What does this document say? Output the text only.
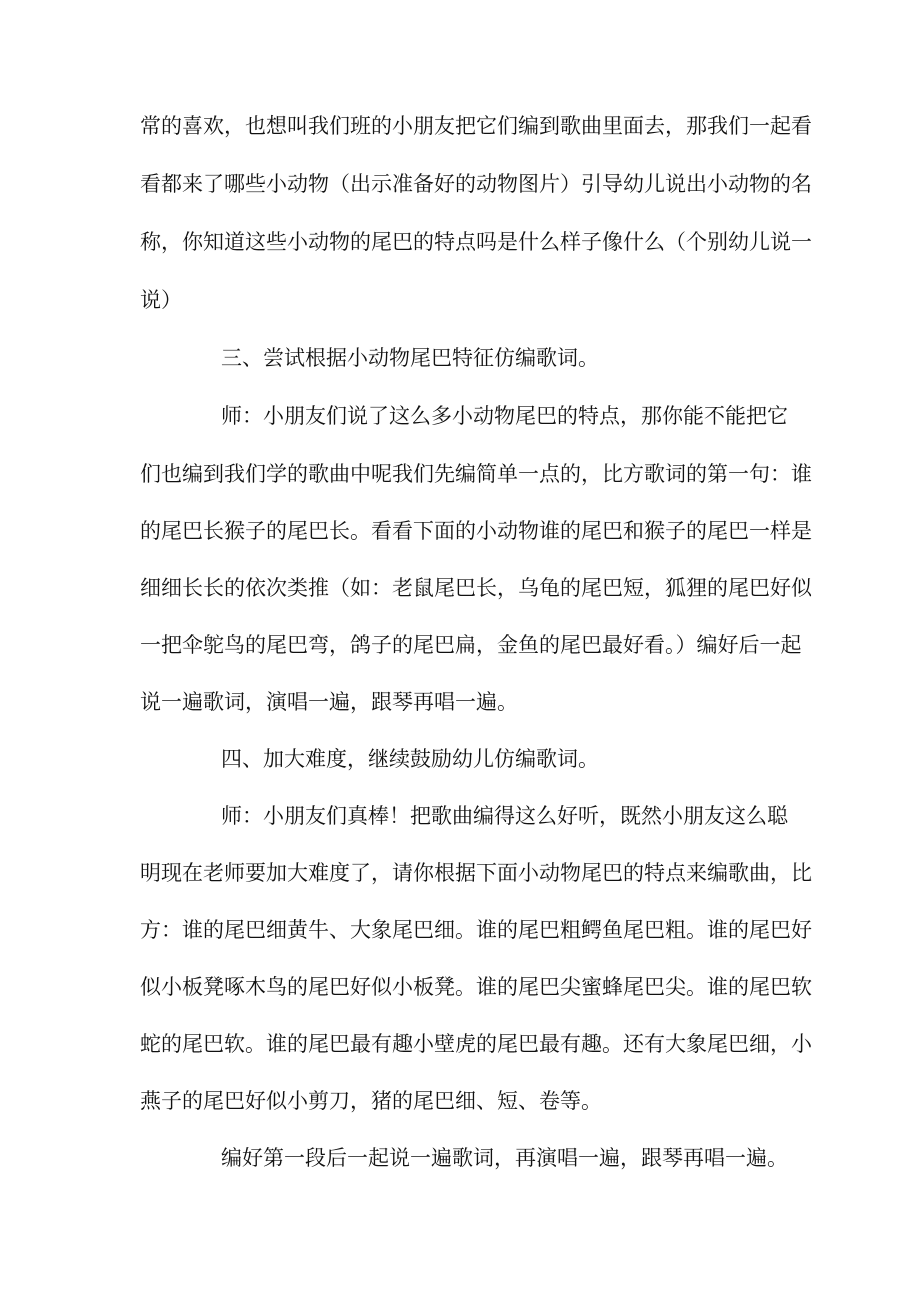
常的喜欢，也想叫我们班的小朋友把它们编到歌曲里面去，那我们一起看

看都来了哪些小动物（出示准备好的动物图片）引导幼儿说出小动物的名

称，你知道这些小动物的尾巴的特点吗是什么样子像什么（个别幼儿说一

说）

三、尝试根据小动物尾巴特征仿编歌词。

师：小朋友们说了这么多小动物尾巴的特点，那你能不能把它

们也编到我们学的歌曲中呢我们先编简单一点的，比方歌词的第一句：谁

的尾巴长猴子的尾巴长。看看下面的小动物谁的尾巴和猴子的尾巴一样是

细细长长的依次类推（如：老鼠尾巴长，乌龟的尾巴短，狐狸的尾巴好似

一把伞鸵鸟的尾巴弯，鸽子的尾巴扁，金鱼的尾巴最好看。）编好后一起

说一遍歌词，演唱一遍，跟琴再唱一遍。

四、加大难度，继续鼓励幼儿仿编歌词。

师：小朋友们真棒！把歌曲编得这么好听，既然小朋友这么聪

明现在老师要加大难度了，请你根据下面小动物尾巴的特点来编歌曲，比

方：谁的尾巴细黄牛、大象尾巴细。谁的尾巴粗鳄鱼尾巴粗。谁的尾巴好

似小板凳啄木鸟的尾巴好似小板凳。谁的尾巴尖蜜蜂尾巴尖。谁的尾巴软

蛇的尾巴软。谁的尾巴最有趣小壁虎的尾巴最有趣。还有大象尾巴细，小

燕子的尾巴好似小剪刀，猪的尾巴细、短、卷等。

编好第一段后一起说一遍歌词，再演唱一遍，跟琴再唱一遍。
